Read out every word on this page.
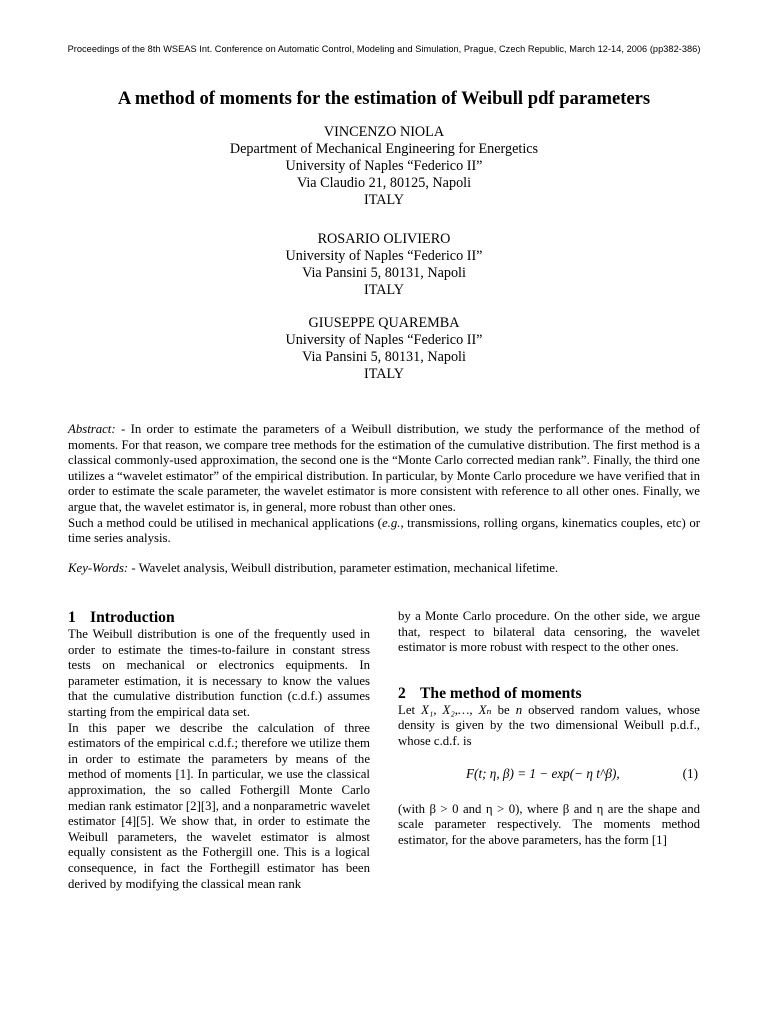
Proceedings of the 8th WSEAS Int. Conference on Automatic Control, Modeling and Simulation, Prague, Czech Republic, March 12-14, 2006 (pp382-386)
A method of moments for the estimation of Weibull pdf parameters
VINCENZO NIOLA
Department of Mechanical Engineering for Energetics
University of Naples “Federico II”
Via Claudio 21, 80125, Napoli
ITALY
ROSARIO OLIVIERO
University of Naples “Federico II”
Via Pansini 5, 80131, Napoli
ITALY
GIUSEPPE QUAREMBA
University of Naples “Federico II”
Via Pansini 5, 80131, Napoli
ITALY

Abstract: - In order to estimate the parameters of a Weibull distribution, we study the performance of the method of moments. For that reason, we compare tree methods for the estimation of the cumulative distribution. The first method is a classical commonly-used approximation, the second one is the “Monte Carlo corrected median rank”. Finally, the third one utilizes a “wavelet estimator” of the empirical distribution. In particular, by Monte Carlo procedure we have verified that in order to estimate the scale parameter, the wavelet estimator is more consistent with reference to all other ones. Finally, we argue that, the wavelet estimator is, in general, more robust than other ones.

Such a method could be utilised in mechanical applications (e.g., transmissions, rolling organs, kinematics couples, etc) or time series analysis.

Key-Words: - Wavelet analysis, Weibull distribution, parameter estimation, mechanical lifetime.

1 Introduction

The Weibull distribution is one of the frequently used in order to estimate the times-to-failure in constant stress tests on mechanical or electronics equipments. In parameter estimation, it is necessary to know the values that the cumulative distribution function (c.d.f.) assumes starting from the empirical data set.

In this paper we describe the calculation of three estimators of the empirical c.d.f.; therefore we utilize them in order to estimate the parameters by means of the method of moments [1]. In particular, we use the classical approximation, the so called Fothergill Monte Carlo median rank estimator [2][3], and a nonparametric wavelet estimator [4][5]. We show that, in order to estimate the Weibull parameters, the wavelet estimator is almost equally consistent as the Fothergill one. This is a logical consequence, in fact the Forthegill estimator has been derived by modifying the classical mean rank

by a Monte Carlo procedure. On the other side, we argue that, respect to bilateral data censoring, the wavelet estimator is more robust with respect to the other ones.

2 The method of moments

Let X₁, X₂,…, Xₙ be n observed random values, whose density is given by the two dimensional Weibull p.d.f., whose c.d.f. is

F(t; η, β) = 1 − exp(− η t^β),	(1)

(with β > 0 and η > 0), where β and η are the shape and scale parameter respectively. The moments method estimator, for the above parameters, has the form [1]
